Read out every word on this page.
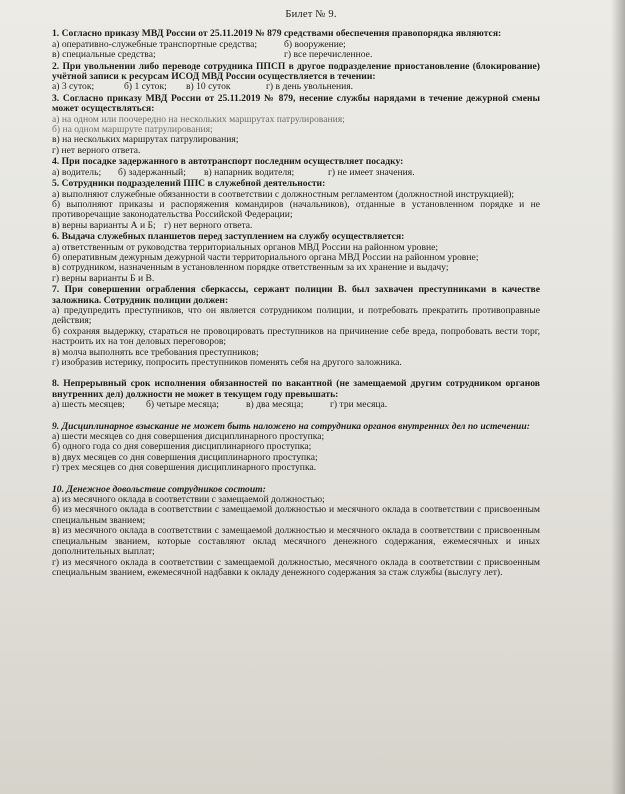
Билет № 9.

1. Согласно приказу МВД России от 25.11.2019 № 879 средствами обеспечения правопорядка являются:

а) оперативно-служебные транспортные средства;	б) вооружение;
в) специальные средства;	г) все перечисленное.

2. При увольнении либо переводе сотрудника ППСП в другое подразделение приостановление (блокирование) учётной записи к ресурсам ИСОД МВД России осуществляется в течении:

а) 3 суток;	б) 1 суток;	в) 10 суток	г) в день увольнения.

3. Согласно приказу МВД России от 25.11.2019 № 879, несение службы нарядами в течение дежурной смены может осуществляться:

а) на одном или поочередно на нескольких маршрутах патрулирования;

б) на одном маршруте патрулирования;

в) на нескольких маршрутах патрулирования;

г) нет верного ответа.

4. При посадке задержанного в автотранспорт последним осуществляет посадку:

а) водитель;	б) задержанный;	в) напарник водителя;	г) не имеет значения.

5. Сотрудники подразделений ППС в служебной деятельности:

а) выполняют служебные обязанности в соответствии с должностным регламентом (должностной инструкцией);

б) выполняют приказы и распоряжения командиров (начальников), отданные в установленном порядке и не противоречащие законодательства Российской Федерации;

в) верны варианты А и Б; г) нет верного ответа.

6. Выдача служебных планшетов перед заступлением на службу осуществляется:

а) ответственным от руководства территориальных органов МВД России на районном уровне;

б) оперативным дежурным дежурной части территориального органа МВД России на районном уровне;

в) сотрудником, назначенным в установленном порядке ответственным за их хранение и выдачу;

г) верны варианты Б и В.

7. При совершении ограбления сберкассы, сержант полиции В. был захвачен преступниками в качестве заложника. Сотрудник полиции должен:

а) предупредить преступников, что он является сотрудником полиции, и потребовать прекратить противоправные действия;

б) сохраняя выдержку, стараться не провоцировать преступников на причинение себе вреда, попробовать вести торг, настроить их на тон деловых переговоров;

в) молча выполнять все требования преступников;

г) изобразив истерику, попросить преступников поменять себя на другого заложника.

8. Непрерывный срок исполнения обязанностей по вакантной (не замещаемой другим сотрудником органов внутренних дел) должности не может в текущем году превышать:

а) шесть месяцев;	б) четыре месяца;	в) два месяца;	г) три месяца.

9. Дисциплинарное взыскание не может быть наложено на сотрудника органов внутренних дел по истечении:

а) шести месяцев со дня совершения дисциплинарного проступка;

б) одного года со дня совершения дисциплинарного проступка;

в) двух месяцев со дня совершения дисциплинарного проступка;

г) трех месяцев со дня совершения дисциплинарного проступка.

10. Денежное довольствие сотрудников состоит:

а) из месячного оклада в соответствии с замещаемой должностью;

б) из месячного оклада в соответствии с замещаемой должностью и месячного оклада в соответствии с присвоенным специальным званием;

в) из месячного оклада в соответствии с замещаемой должностью и месячного оклада в соответствии с присвоенным специальным званием, которые составляют оклад месячного денежного содержания, ежемесячных и иных дополнительных выплат;

г) из месячного оклада в соответствии с замещаемой должностью, месячного оклада в соответствии с присвоенным специальным званием, ежемесячной надбавки к окладу денежного содержания за стаж службы (выслугу лет).
